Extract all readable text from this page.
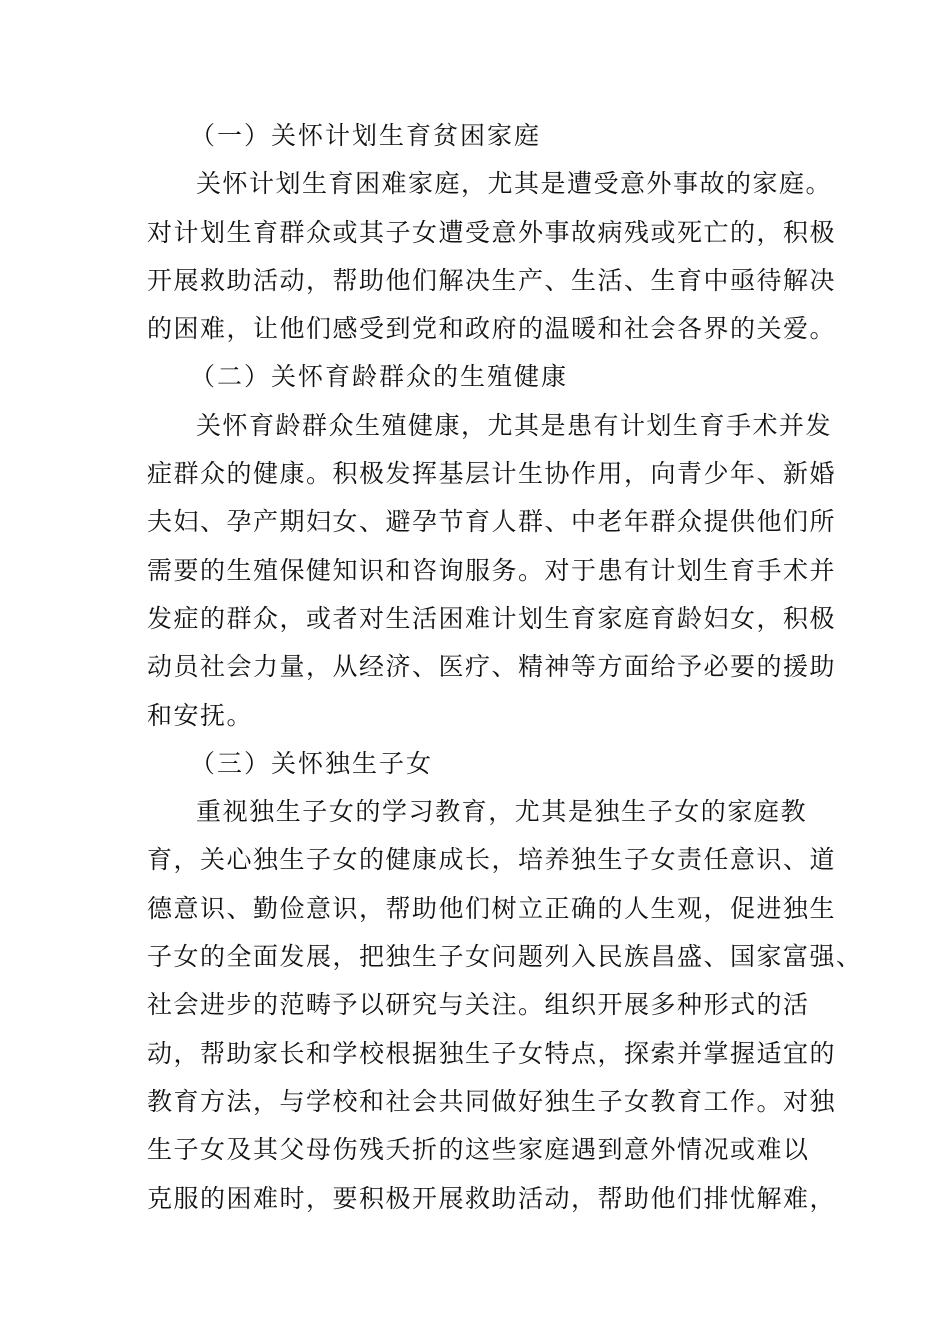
（一）关怀计划生育贫困家庭

关怀计划生育困难家庭，尤其是遭受意外事故的家庭。
对计划生育群众或其子女遭受意外事故病残或死亡的，积极
开展救助活动，帮助他们解决生产、生活、生育中亟待解决
的困难，让他们感受到党和政府的温暖和社会各界的关爱。

（二）关怀育龄群众的生殖健康

关怀育龄群众生殖健康，尤其是患有计划生育手术并发
症群众的健康。积极发挥基层计生协作用，向青少年、新婚
夫妇、孕产期妇女、避孕节育人群、中老年群众提供他们所
需要的生殖保健知识和咨询服务。对于患有计划生育手术并
发症的群众，或者对生活困难计划生育家庭育龄妇女，积极
动员社会力量，从经济、医疗、精神等方面给予必要的援助
和安抚。

（三）关怀独生子女

重视独生子女的学习教育，尤其是独生子女的家庭教
育，关心独生子女的健康成长，培养独生子女责任意识、道
德意识、勤俭意识，帮助他们树立正确的人生观，促进独生
子女的全面发展，把独生子女问题列入民族昌盛、国家富强、
社会进步的范畴予以研究与关注。组织开展多种形式的活
动，帮助家长和学校根据独生子女特点，探索并掌握适宜的
教育方法，与学校和社会共同做好独生子女教育工作。对独
生子女及其父母伤残夭折的这些家庭遇到意外情况或难以
克服的困难时，要积极开展救助活动，帮助他们排忧解难，
